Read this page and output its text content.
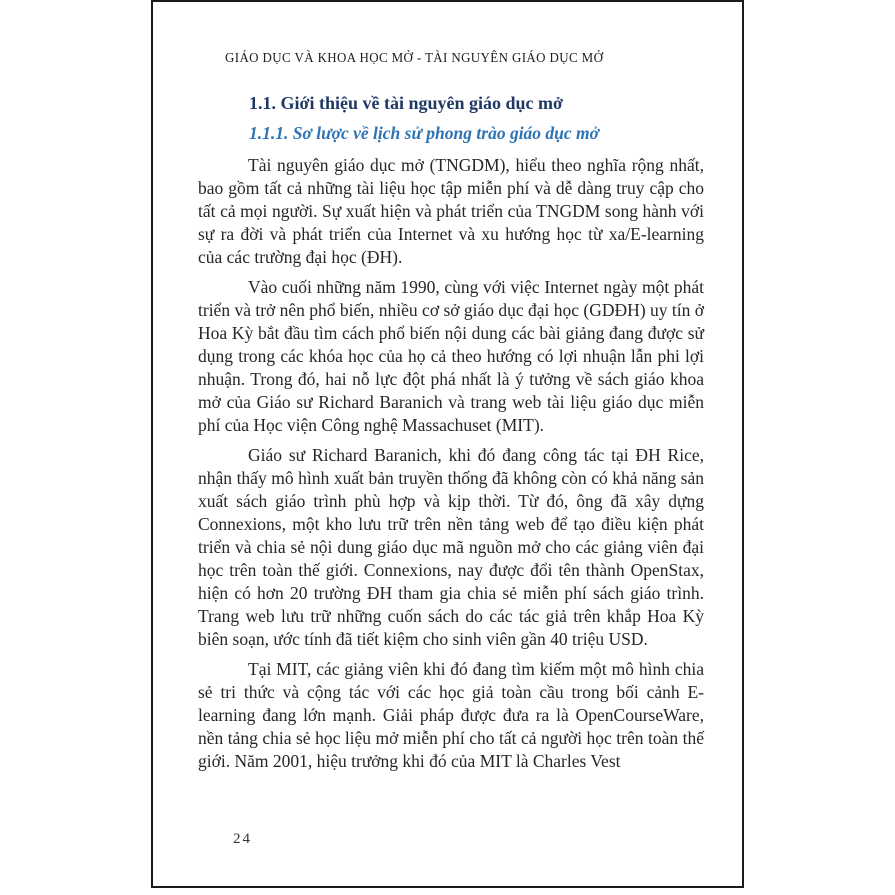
GIÁO DỤC VÀ KHOA HỌC MỞ - TÀI NGUYÊN GIÁO DỤC MỞ
1.1. Giới thiệu về tài nguyên giáo dục mở
1.1.1. Sơ lược về lịch sử phong trào giáo dục mở

Tài nguyên giáo dục mở (TNGDM), hiểu theo nghĩa rộng nhất, bao gồm tất cả những tài liệu học tập miễn phí và dễ dàng truy cập cho tất cả mọi người. Sự xuất hiện và phát triển của TNGDM song hành với sự ra đời và phát triển của Internet và xu hướng học từ xa/E-learning của các trường đại học (ĐH).

Vào cuối những năm 1990, cùng với việc Internet ngày một phát triển và trở nên phổ biến, nhiều cơ sở giáo dục đại học (GDĐH) uy tín ở Hoa Kỳ bắt đầu tìm cách phổ biến nội dung các bài giảng đang được sử dụng trong các khóa học của họ cả theo hướng có lợi nhuận lẫn phi lợi nhuận. Trong đó, hai nỗ lực đột phá nhất là ý tưởng về sách giáo khoa mở của Giáo sư Richard Baranich và trang web tài liệu giáo dục miễn phí của Học viện Công nghệ Massachuset (MIT).

Giáo sư Richard Baranich, khi đó đang công tác tại ĐH Rice, nhận thấy mô hình xuất bản truyền thống đã không còn có khả năng sản xuất sách giáo trình phù hợp và kịp thời. Từ đó, ông đã xây dựng Connexions, một kho lưu trữ trên nền tảng web để tạo điều kiện phát triển và chia sẻ nội dung giáo dục mã nguồn mở cho các giảng viên đại học trên toàn thế giới. Connexions, nay được đổi tên thành OpenStax, hiện có hơn 20 trường ĐH tham gia chia sẻ miễn phí sách giáo trình. Trang web lưu trữ những cuốn sách do các tác giả trên khắp Hoa Kỳ biên soạn, ước tính đã tiết kiệm cho sinh viên gần 40 triệu USD.

Tại MIT, các giảng viên khi đó đang tìm kiếm một mô hình chia sẻ tri thức và cộng tác với các học giả toàn cầu trong bối cảnh E-learning đang lớn mạnh. Giải pháp được đưa ra là OpenCourseWare, nền tảng chia sẻ học liệu mở miễn phí cho tất cả người học trên toàn thế giới. Năm 2001, hiệu trưởng khi đó của MIT là Charles Vest

24
